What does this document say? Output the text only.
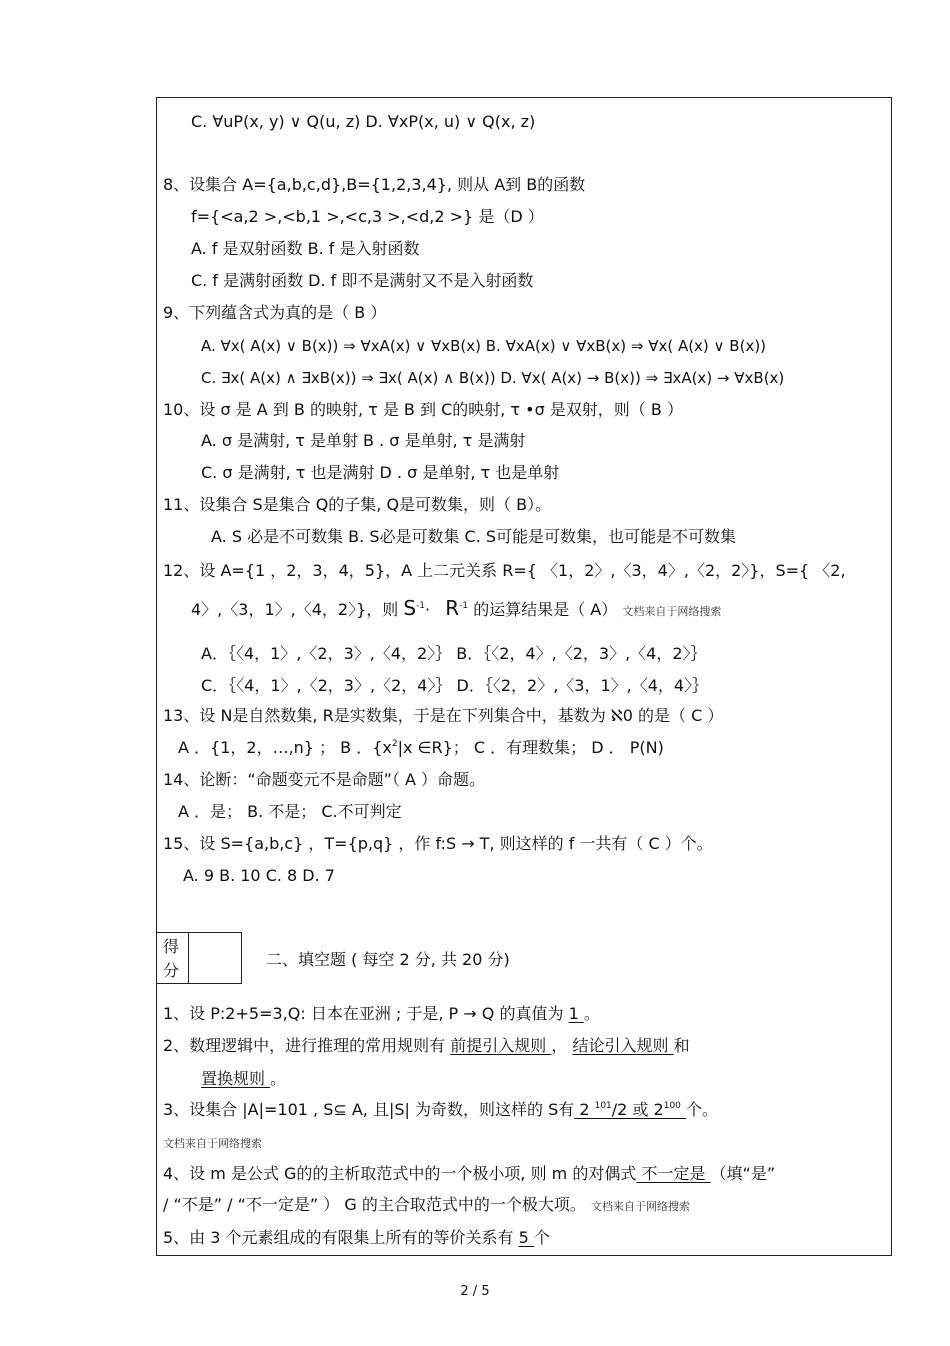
C. ∀uP(x, y) ∨ Q(u, z) D. ∀xP(x, u) ∨ Q(x, z)
8、设集合 A={a,b,c,d},B={1,2,3,4}, 则从 A到 B的函数
f={<a,2 >,<b,1 >,<c,3 >,<d,2 >} 是（D ）
A. f 是双射函数 B. f 是入射函数
C. f 是满射函数 D. f 即不是满射又不是入射函数
9、下列蕴含式为真的是（ B ）
A. ∀x( A(x) ∨ B(x)) ⇒ ∀xA(x) ∨ ∀xB(x) B. ∀xA(x) ∨ ∀xB(x) ⇒ ∀x( A(x) ∨ B(x))
C. ∃x( A(x) ∧ ∃xB(x)) ⇒ ∃x( A(x) ∧ B(x)) D. ∀x( A(x) → B(x)) ⇒ ∃xA(x) → ∀xB(x)
10、设 σ 是 A 到 B 的映射, τ 是 B 到 C的映射, τ •σ 是双射，则（ B ）
A. σ 是满射, τ 是单射 B . σ 是单射, τ 是满射
C. σ 是满射, τ 也是满射 D . σ 是单射, τ 也是单射
11、设集合 S是集合 Q的子集, Q是可数集，则（ B）。
A. S 必是不可数集 B. S必是可数集 C. S可能是可数集，也可能是不可数集
12、设 A={1 ，2，3，4，5}，A 上二元关系 R={ 〈1，2〉,〈3，4〉,〈2，2〉}，S={ 〈2,
4〉,〈3，1〉,〈4，2〉}，则 $S^{-1}\cdot R^{-1}$ 的运算结果是（ A） 文档来自于网络搜索
A．｛〈4，1〉,〈2，3〉,〈4，2〉｝ B．｛〈2，4〉,〈2，3〉,〈4，2〉｝
C．｛〈4，1〉,〈2，3〉,〈2，4〉｝ D．｛〈2，2〉,〈3，1〉,〈4，4〉｝
13、设 N是自然数集, R是实数集，于是在下列集合中，基数为 ℵ0 的是（ C ）
A ．{1，2，…,n} ； B ．{$x^2|x$ ∈R}； C ．有理数集； D ． P(N)
14、论断：“命题变元不是命题”（ A ）命题。
A ．是； B. 不是； C.不可判定
15、设 S={a,b,c} ，T={p,q} ，作 f:S → T, 则这样的 f 一共有（ C ）个。
A. 9 B. 10 C. 8 D. 7
得
分
二、填空题 ( 每空 2 分, 共 20 分)
1、设 P:2+5=3,Q: 日本在亚洲 ; 于是, P → Q 的真值为 1 。
2、数理逻辑中，进行推理的常用规则有 前提引入规则 ， 结论引入规则 和
置换规则 。
3、设集合 |A|=101 , S⊆ A, 且|S| 为奇数，则这样的 S有 2 $^{101}$/2 或 $2^{100}$ 个。
文档来自于网络搜索
4、设 m 是公式 G的的主析取范式中的一个极小项, 则 m 的对偶式 不一定是 （填“是”
/ “不是” / “不一定是” ） G 的主合取范式中的一个极大项。 文档来自于网络搜索
5、由 3 个元素组成的有限集上所有的等价关系有 5 个
2 / 5
